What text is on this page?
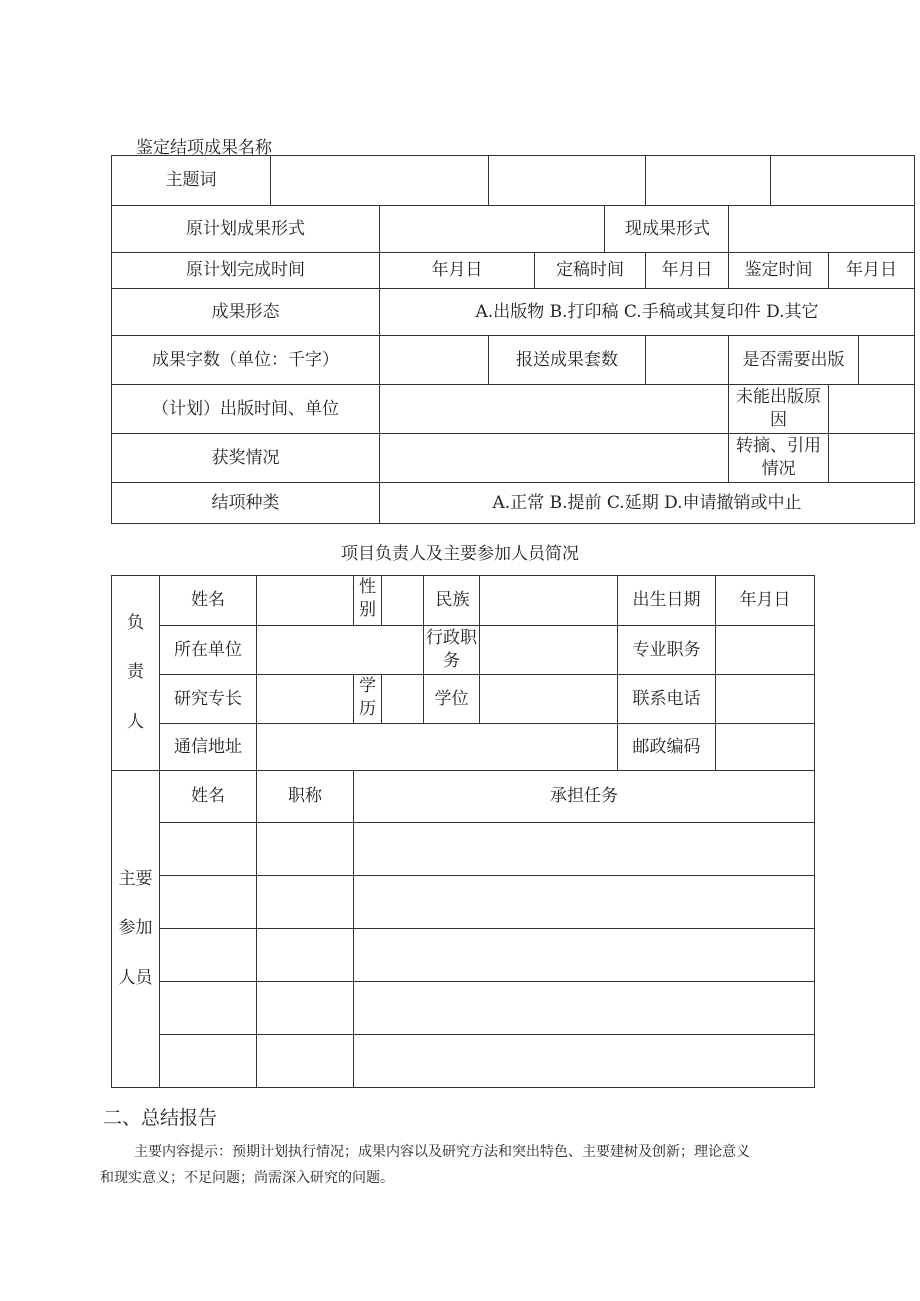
鉴定结项成果名称
主题词										
原计划成果形式					现成果形式					
原计划完成时间		年月日		定稿时间		年月日	鉴定时间		年月日	
成果形态		A.出版物 B.打印稿 C.手稿或其复印件 D.其它								
成果字数（单位：千字）			报送成果套数				是否需要出版			
（计划）出版时间、单位							未能出版原因			
获奖情况							转摘、引用情况			
结项种类		A.正常 B.提前 C.延期 D.申请撤销或中止								
项目负责人及主要参加人员简况
负责人	姓名		性别		民族		出生日期	年月日
	所在单位				行政职务		专业职务	
	研究专长		学历		学位		联系电话	
	通信地址						邮政编码	
主要参加人员	姓名	职称	承担任务					

二、总结报告
主要内容提示：预期计划执行情况；成果内容以及研究方法和突出特色、主要建树及创新；理论意义
和现实意义；不足问题；尚需深入研究的问题。
